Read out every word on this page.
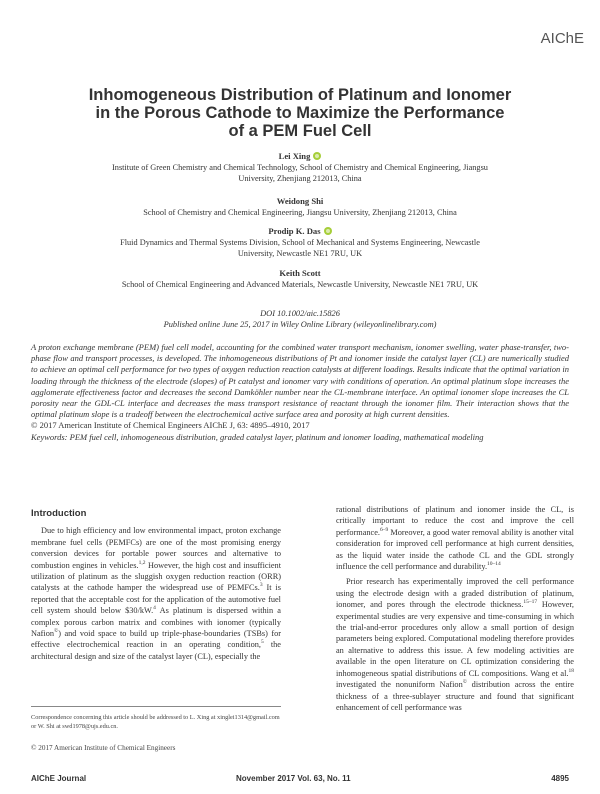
AIChE
Inhomogeneous Distribution of Platinum and Ionomer
in the Porous Cathode to Maximize the Performance
of a PEM Fuel Cell
Lei Xing
Institute of Green Chemistry and Chemical Technology, School of Chemistry and Chemical Engineering, Jiangsu
University, Zhenjiang 212013, China
Weidong Shi
School of Chemistry and Chemical Engineering, Jiangsu University, Zhenjiang 212013, China
Prodip K. Das
Fluid Dynamics and Thermal Systems Division, School of Mechanical and Systems Engineering, Newcastle
University, Newcastle NE1 7RU, UK
Keith Scott
School of Chemical Engineering and Advanced Materials, Newcastle University, Newcastle NE1 7RU, UK
DOI 10.1002/aic.15826
Published online June 25, 2017 in Wiley Online Library (wileyonlinelibrary.com)
A proton exchange membrane (PEM) fuel cell model, accounting for the combined water transport mechanism, ionomer swelling, water phase-transfer, two-phase flow and transport processes, is developed. The inhomogeneous distributions of Pt and ionomer inside the catalyst layer (CL) are numerically studied to achieve an optimal cell performance for two types of oxygen reduction reaction catalysts at different loadings. Results indicate that the optimal variation in loading through the thickness of the electrode (slopes) of Pt catalyst and ionomer vary with conditions of operation. An optimal platinum slope increases the agglomerate effectiveness factor and decreases the second Damköhler number near the CL-membrane interface. An optimal ionomer slope increases the CL porosity near the GDL-CL interface and decreases the mass transport resistance of reactant through the ionomer film. Their interaction shows that the optimal platinum slope is a tradeoff between the electrochemical active surface area and porosity at high current densities.
© 2017 American Institute of Chemical Engineers AIChE J, 63: 4895–4910, 2017
Keywords: PEM fuel cell, inhomogeneous distribution, graded catalyst layer, platinum and ionomer loading, mathematical modeling
Introduction

Due to high efficiency and low environmental impact, proton exchange membrane fuel cells (PEMFCs) are one of the most promising energy conversion devices for portable power sources and alternative to combustion engines in vehicles.$^{1,2}$ However, the high cost and insufficient utilization of platinum as the sluggish oxygen reduction reaction (ORR) catalysts at the cathode hamper the widespread use of PEMFCs.$^3$ It is reported that the acceptable cost for the application of the automotive fuel cell system should below $30/kW.$^4$ As platinum is dispersed within a complex porous carbon matrix and combines with ionomer (typically Nafion©) and void space to build up triple-phase-boundaries (TSBs) for effective electrochemical reaction in an operating condition,$^5$ the architectural design and size of the catalyst layer (CL), especially the

Correspondence concerning this article should be addressed to L. Xing at xinglei1314@gmail.com or W. Shi at swd1978@ujs.edu.cn.
© 2017 American Institute of Chemical Engineers

rational distributions of platinum and ionomer inside the CL, is critically important to reduce the cost and improve the cell performance.$^{6-9}$ Moreover, a good water removal ability is another vital consideration for improved cell performance at high current densities, as the liquid water inside the cathode CL and the GDL strongly influence the cell performance and durability.$^{10-14}$

Prior research has experimentally improved the cell performance using the electrode design with a graded distribution of platinum, ionomer, and pores through the electrode thickness.$^{15-17}$ However, experimental studies are very expensive and time-consuming in which the trial-and-error procedures only allow a small portion of design parameters being explored. Computational modeling therefore provides an alternative to address this issue. A few modeling activities are available in the open literature on CL optimization considering the inhomogeneous spatial distributions of CL compositions. Wang et al.$^{18}$ investigated the nonuniform Nafion© distribution across the entire thickness of a three-sublayer structure and found that significant enhancement of cell performance was

AIChE Journal	November 2017 Vol. 63, No. 11	4895
